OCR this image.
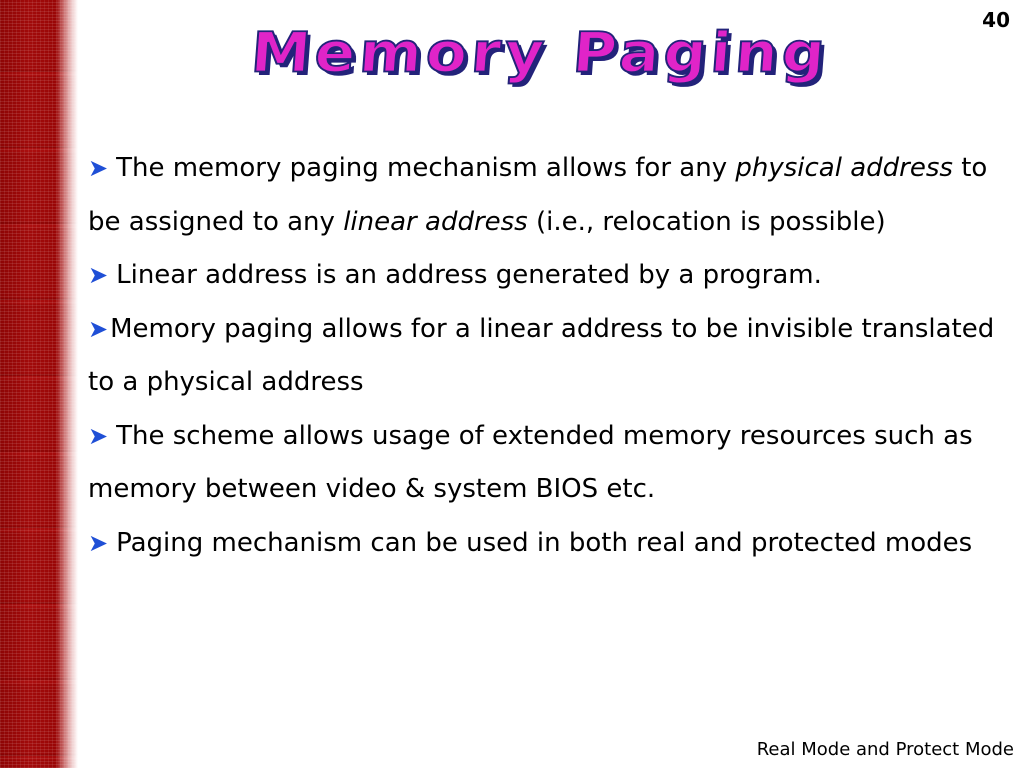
40
Memory Paging

➤ The memory paging mechanism allows for any physical address to be assigned to any linear address (i.e., relocation is possible)

➤ Linear address is an address generated by a program.

➤Memory paging allows for a linear address to be invisible translated to a physical address

➤ The scheme allows usage of extended memory resources such as memory between video & system BIOS etc.

➤ Paging mechanism can be used in both real and protected modes

Real Mode and Protect Mode
